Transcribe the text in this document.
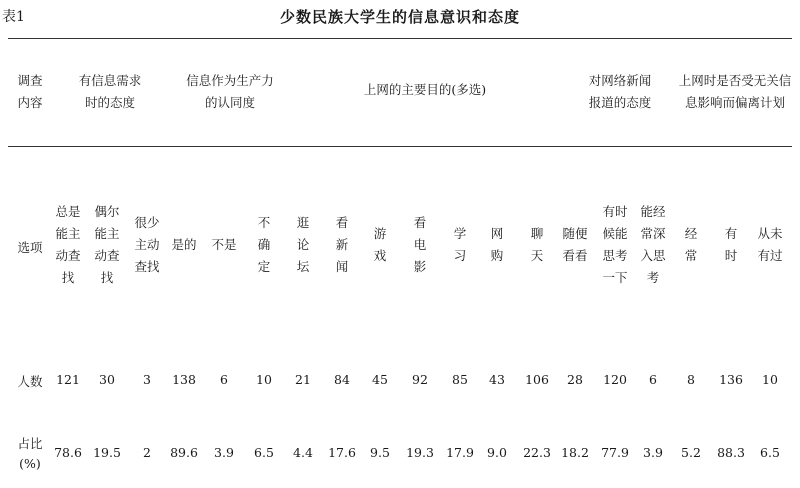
表1	少数民族大学生的信息意识和态度
调查
内容
有信息需求
时的态度
信息作为生产力
的认同度
上网的主要目的(多选)
对网络新闻
报道的态度
上网时是否受无关信
息影响而偏离计划
选项
人数
占比
(%)
总是
能主
动查
找
121
78.6
偶尔
能主
动查
找
30
19.5
很少
主动
查找
3
2
是的
138
89.6
不是
6
3.9
不
确
定
10
6.5
逛
论
坛
21
4.4
看
新
闻
84
17.6
游
戏
45
9.5
看
电
影
92
19.3
学
习
85
17.9
网
购
43
9.0
聊
天
106
22.3
随便
看看
28
18.2
有时
候能
思考
一下
120
77.9
能经
常深
入思
考
6
3.9
经
常
8
5.2
有
时
136
88.3
从未
有过
10
6.5
